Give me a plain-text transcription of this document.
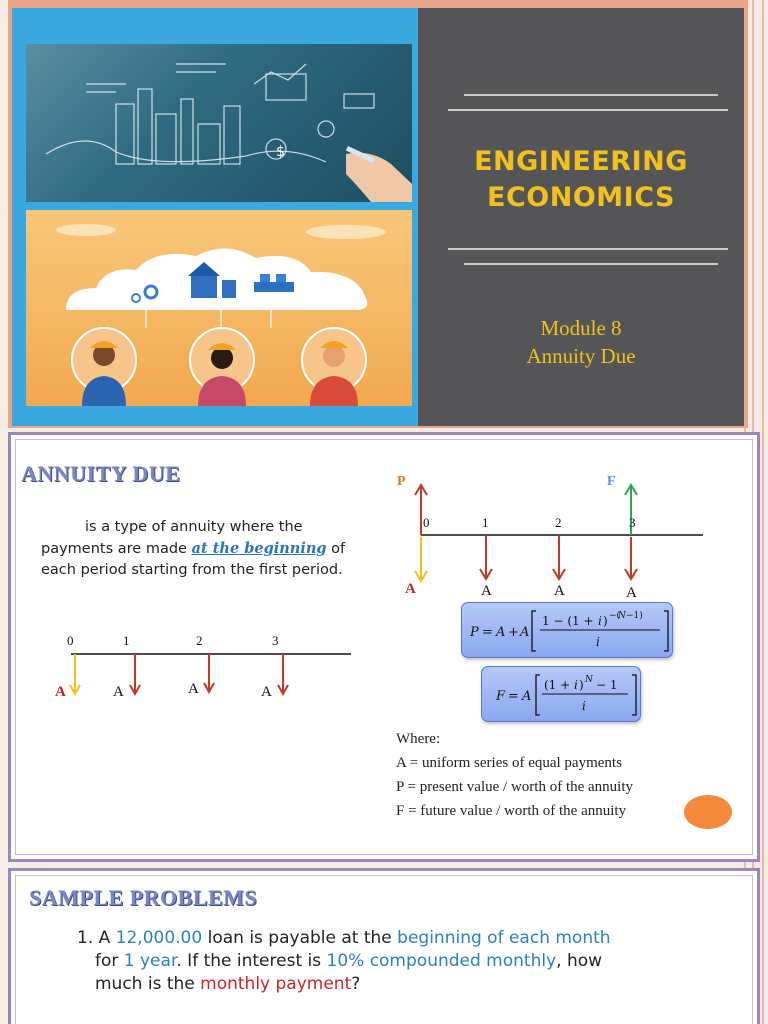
$	ENGINEERING
ECONOMICS
Module 8
Annuity Due
ANNUITY DUE
is a type of annuity where the
payments are made at the beginning of
each period starting from the first period.
P	F
0	1	2	3
A	A	A	A
0	1	2	3
A	A	A	A
P = A + A
1 − (1 + i ) −(
N −1)
i
F = A
(1 + i ) N − 1
i
Where:
A = uniform series of equal payments
P = present value / worth of the annuity
F = future value / worth of the annuity
SAMPLE PROBLEMS
1. A 12,000.00 loan is payable at the beginning of each month
for 1 year. If the interest is 10% compounded monthly, how
much is the monthly payment?
